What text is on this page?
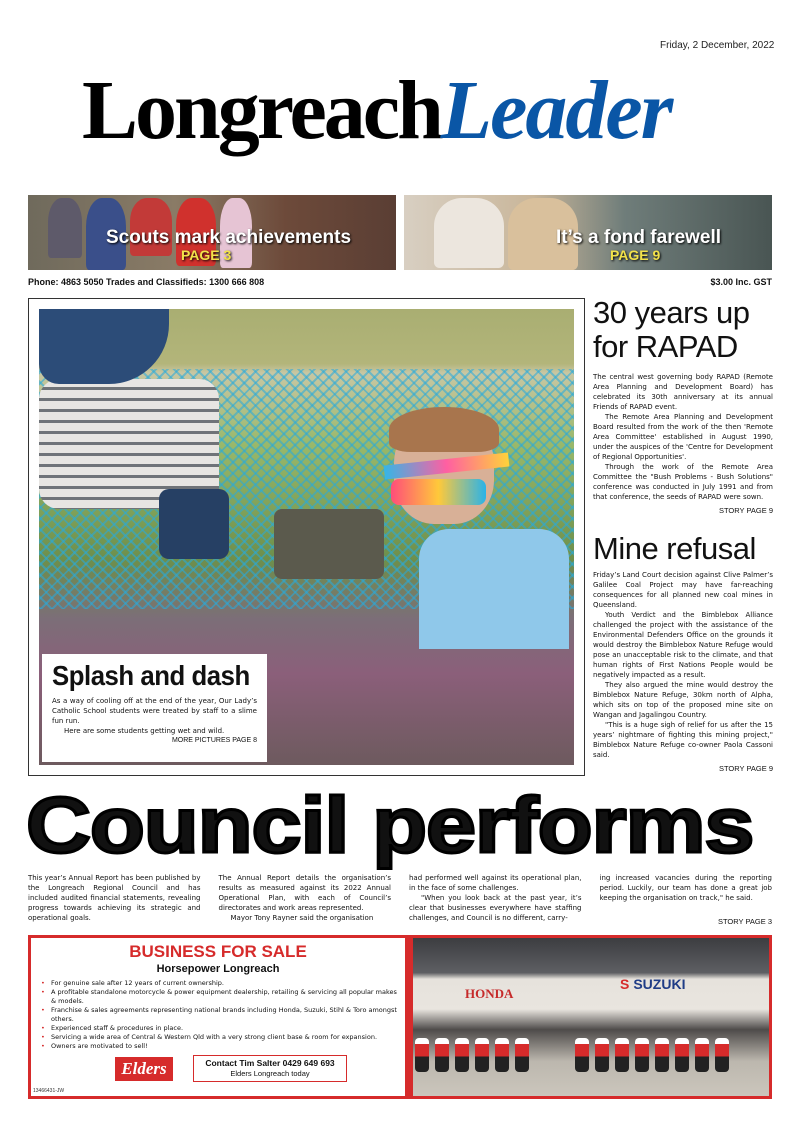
Friday, 2 December, 2022
LongreachLeader
Scouts mark achievements
PAGE 3
It’s a fond farewell
PAGE 9
Phone: 4863 5050 Trades and Classifieds: 1300 666 808	$3.00 Inc. GST
Splash and dash

As a way of cooling off at the end of the year, Our Lady’s Catholic School students were treated by staff to a slime fun run.

Here are some students getting wet and wild.

MORE PICTURES PAGE 8
30 years up for RAPAD

The central west governing body RAPAD (Remote Area Planning and Development Board) has celebrated its 30th anniversary at its annual Friends of RAPAD event.

The Remote Area Planning and Development Board resulted from the work of the then 'Remote Area Committee' established in August 1990, under the auspices of the 'Centre for Development of Regional Opportunities'.

Through the work of the Remote Area Committee the "Bush Problems - Bush Solutions" conference was conducted in July 1991 and from that conference, the seeds of RAPAD were sown.

STORY PAGE 9
Mine refusal

Friday’s Land Court decision against Clive Palmer’s Galilee Coal Project may have far-reaching consequences for all planned new coal mines in Queensland.

Youth Verdict and the Bimblebox Alliance challenged the project with the assistance of the Environmental Defenders Office on the grounds it would destroy the Bimblebox Nature Refuge would pose an unacceptable risk to the climate, and that human rights of First Nations People would be negatively impacted as a result.

They also argued the mine would destroy the Bimblebox Nature Refuge, 30km north of Alpha, which sits on top of the proposed mine site on Wangan and Jagalingou Country.

"This is a huge sigh of relief for us after the 15 years’ nightmare of fighting this mining project," Bimblebox Nature Refuge co-owner Paola Cassoni said.

STORY PAGE 9
Council performs

This year’s Annual Report has been published by the Longreach Regional Council and has included audited financial statements, revealing progress towards achieving its strategic and operational goals.

The Annual Report details the organisation’s results as measured against its 2022 Annual Operational Plan, with each of Council’s directorates and work areas represented.

Mayor Tony Rayner said the organisation

had performed well against its operational plan, in the face of some challenges.

"When you look back at the past year, it’s clear that businesses everywhere have staffing challenges, and Council is no different, carry-

ing increased vacancies during the reporting period. Luckily, our team has done a great job keeping the organisation on track," he said.

STORY PAGE 3
BUSINESS FOR SALE
Horsepower Longreach
• For genuine sale after 12 years of current ownership.
• A profitable standalone motorcycle & power equipment dealership, retailing & servicing all popular makes & models.
• Franchise & sales agreements representing national brands including Honda, Suzuki, Stihl & Toro amongst others.
• Experienced staff & procedures in place.
• Servicing a wide area of Central & Western Qld with a very strong client base & room for expansion.
• Owners are motivated to sell!
Elders	Contact Tim Salter 0429 649 693
Elders Longreach today
13466431-JW
HONDA
S SUZUKI
